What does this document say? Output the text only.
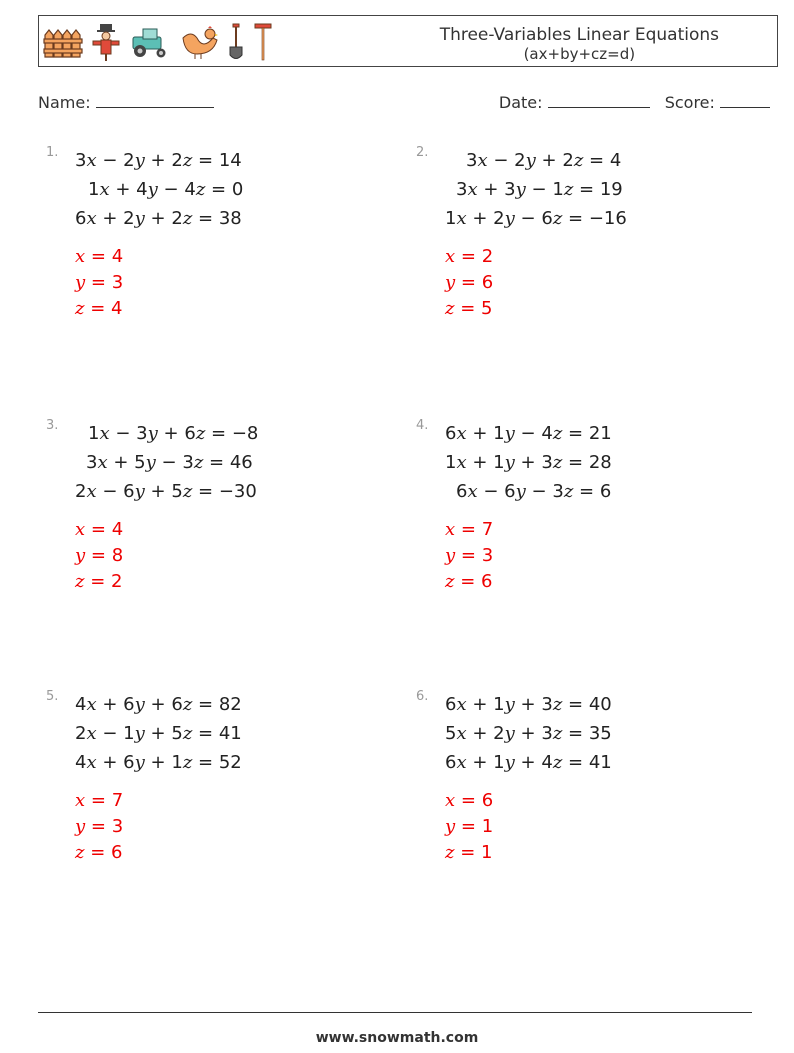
Three-Variables Linear Equations
(ax+by+cz=d)
Name:	Date:	Score:
1. 3x − 2y + 2z = 14
1x + 4y − 4z = 0
6x + 2y + 2z = 38
x = 4
y = 3
z = 4
2. 3x − 2y + 2z = 4
3x + 3y − 1z = 19
1x + 2y − 6z = −16
x = 2
y = 6
z = 5
3. 1x − 3y + 6z = −8
3x + 5y − 3z = 46
2x − 6y + 5z = −30
x = 4
y = 8
z = 2
4. 6x + 1y − 4z = 21
1x + 1y + 3z = 28
6x − 6y − 3z = 6
x = 7
y = 3
z = 6
5. 4x + 6y + 6z = 82
2x − 1y + 5z = 41
4x + 6y + 1z = 52
x = 7
y = 3
z = 6
6. 6x + 1y + 3z = 40
5x + 2y + 3z = 35
6x + 1y + 4z = 41
x = 6
y = 1
z = 1
www.snowmath.com
